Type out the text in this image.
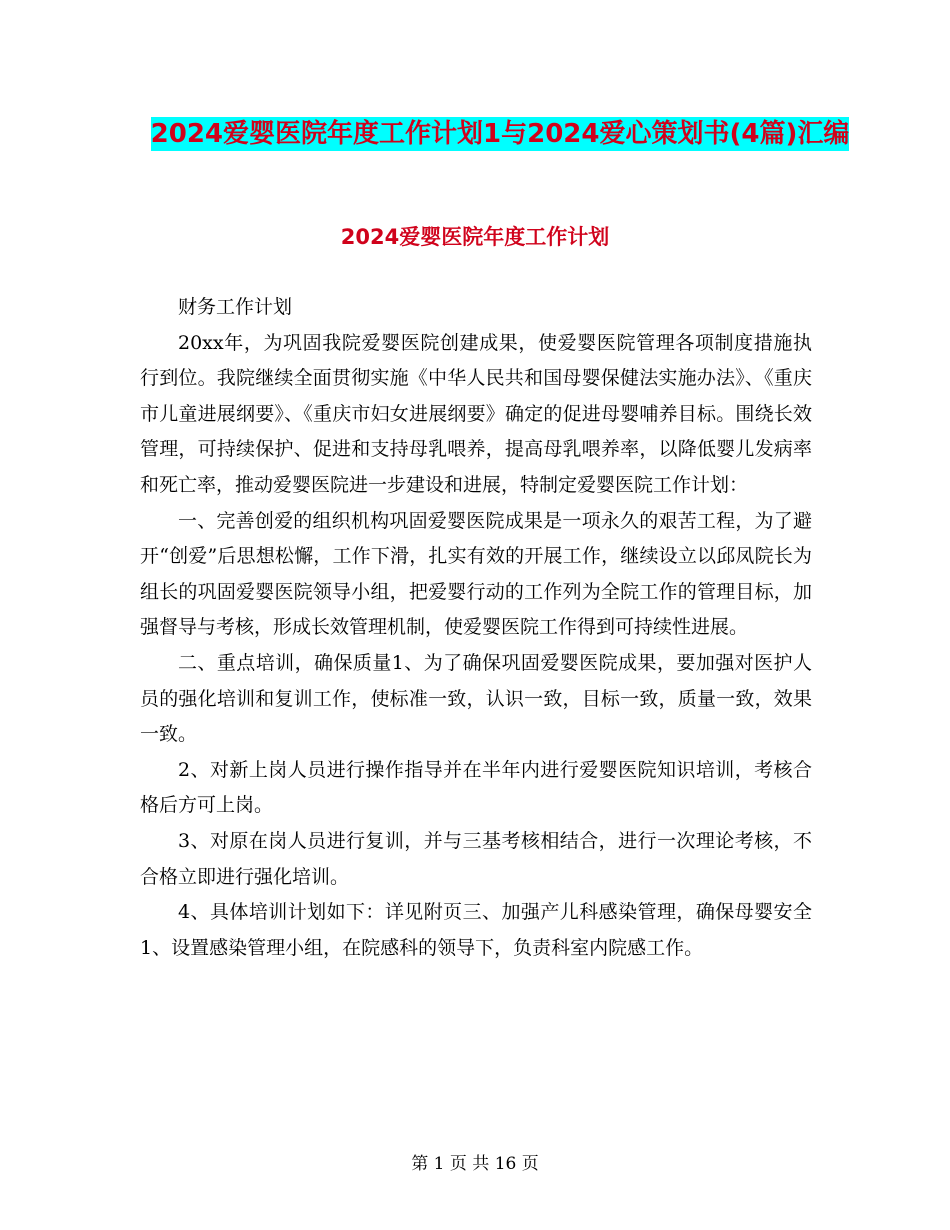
2024爱婴医院年度工作计划1与2024爱心策划书(4篇)汇编
2024爱婴医院年度工作计划

财务工作计划

20xx年，为巩固我院爱婴医院创建成果，使爱婴医院管理各项制度措施执行到位。我院继续全面贯彻实施《中华人民共和国母婴保健法实施办法》、《重庆市儿童进展纲要》、《重庆市妇女进展纲要》确定的促进母婴哺养目标。围绕长效管理，可持续保护、促进和支持母乳喂养，提高母乳喂养率，以降低婴儿发病率和死亡率，推动爱婴医院进一步建设和进展，特制定爱婴医院工作计划：

一、完善创爱的组织机构巩固爱婴医院成果是一项永久的艰苦工程，为了避开“创爱”后思想松懈，工作下滑，扎实有效的开展工作，继续设立以邱凤院长为组长的巩固爱婴医院领导小组，把爱婴行动的工作列为全院工作的管理目标，加强督导与考核，形成长效管理机制，使爱婴医院工作得到可持续性进展。

二、重点培训，确保质量1、为了确保巩固爱婴医院成果，要加强对医护人员的强化培训和复训工作，使标准一致，认识一致，目标一致，质量一致，效果一致。

2、对新上岗人员进行操作指导并在半年内进行爱婴医院知识培训，考核合格后方可上岗。

3、对原在岗人员进行复训，并与三基考核相结合，进行一次理论考核，不合格立即进行强化培训。

4、具体培训计划如下：详见附页三、加强产儿科感染管理，确保母婴安全1、设置感染管理小组，在院感科的领导下，负责科室内院感工作。

第 1 页 共 16 页
